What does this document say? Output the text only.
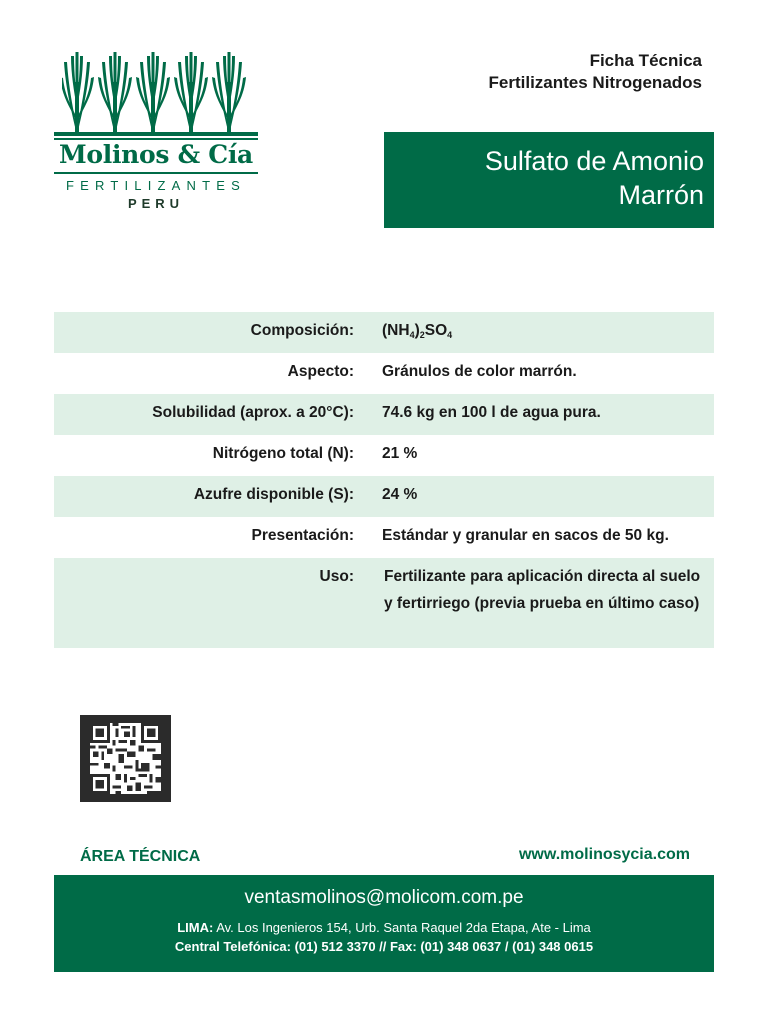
Molinos & Cía
FERTILIZANTES
PERU
Ficha Técnica
Fertilizantes Nitrogenados
Sulfato de Amonio
Marrón
Composición: $(NH_4)_2SO_4$
Aspecto: Gránulos de color marrón.
Solubilidad (aprox. a 20°C): 74.6 kg en 100 l de agua pura.
Nitrógeno total (N): 21 %
Azufre disponible (S): 24 %
Presentación: Estándar y granular en sacos de 50 kg.
Uso: Fertilizante para aplicación directa al suelo y fertirriego (previa prueba en último caso)
ÁREA TÉCNICA	www.molinosycia.com
ventasmolinos@molicom.com.pe
LIMA: Av. Los Ingenieros 154, Urb. Santa Raquel 2da Etapa, Ate - Lima
Central Telefónica: (01) 512 3370 // Fax: (01) 348 0637 / (01) 348 0615
